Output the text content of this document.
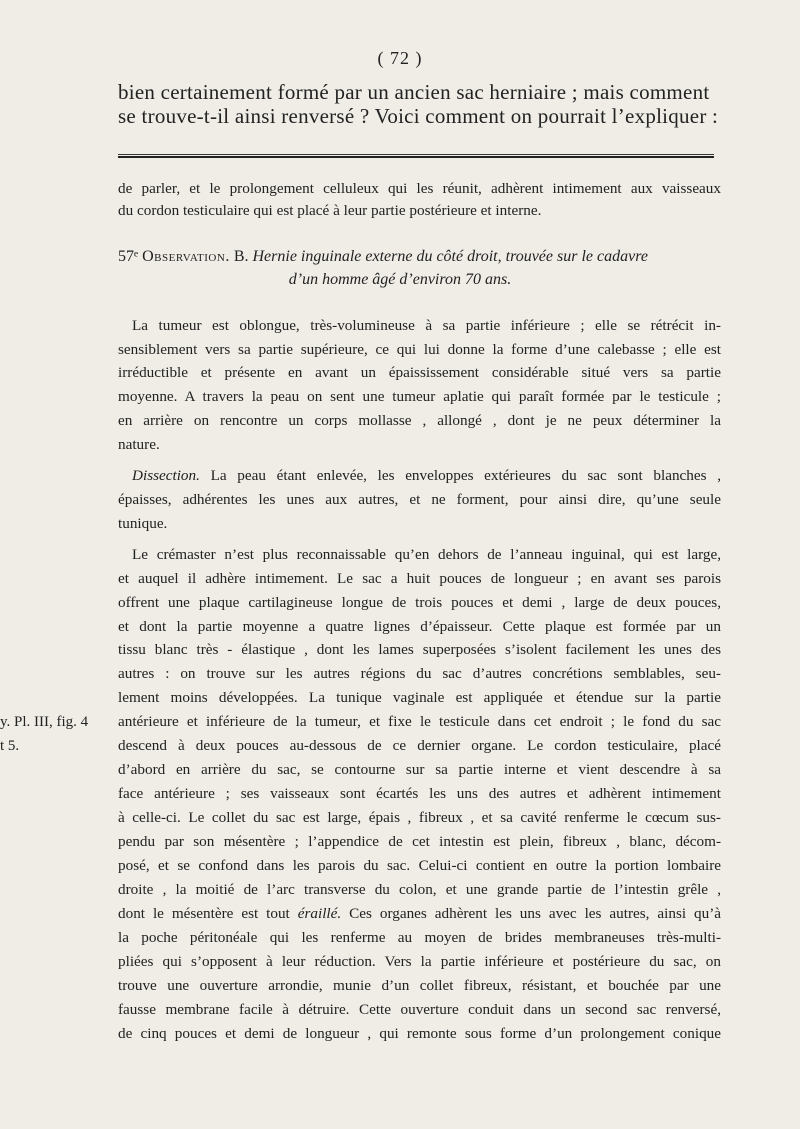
( 72 )
bien certainement formé par un ancien sac herniaire ; mais comment
se trouve-t-il ainsi renversé ? Voici comment on pourrait l’expliquer :
de parler, et le prolongement celluleux qui les réunit, adhèrent intimement aux vaisseaux
du cordon testiculaire qui est placé à leur partie postérieure et interne.
57ᵉ Observation. B. Hernie inguinale externe du côté droit, trouvée sur le cadavre
d’un homme âgé d’environ 70 ans.
La tumeur est oblongue, très-volumineuse à sa partie inférieure ; elle se rétrécit in-
sensiblement vers sa partie supérieure, ce qui lui donne la forme d’une calebasse ; elle est
irréductible et présente en avant un épaississement considérable situé vers sa partie
moyenne. A travers la peau on sent une tumeur aplatie qui paraît formée par le testicule ;
en arrière on rencontre un corps mollasse , allongé , dont je ne peux déterminer la
nature.
Dissection. La peau étant enlevée, les enveloppes extérieures du sac sont blanches ,
épaisses, adhérentes les unes aux autres, et ne forment, pour ainsi dire, qu’une seule
tunique.
Le crémaster n’est plus reconnaissable qu’en dehors de l’anneau inguinal, qui est large,
et auquel il adhère intimement. Le sac a huit pouces de longueur ; en avant ses parois
offrent une plaque cartilagineuse longue de trois pouces et demi , large de deux pouces,
et dont la partie moyenne a quatre lignes d’épaisseur. Cette plaque est formée par un
tissu blanc très - élastique , dont les lames superposées s’isolent facilement les unes des
autres : on trouve sur les autres régions du sac d’autres concrétions semblables, seu-
lement moins développées. La tunique vaginale est appliquée et étendue sur la partie
antérieure et inférieure de la tumeur, et fixe le testicule dans cet endroit ; le fond du sac
descend à deux pouces au-dessous de ce dernier organe. Le cordon testiculaire, placé
d’abord en arrière du sac, se contourne sur sa partie interne et vient descendre à sa
face antérieure ; ses vaisseaux sont écartés les uns des autres et adhèrent intimement
à celle-ci. Le collet du sac est large, épais , fibreux , et sa cavité renferme le cœcum sus-
pendu par son mésentère ; l’appendice de cet intestin est plein, fibreux , blanc, décom-
posé, et se confond dans les parois du sac. Celui-ci contient en outre la portion lombaire
droite , la moitié de l’arc transverse du colon, et une grande partie de l’intestin grêle ,
dont le mésentère est tout éraillé. Ces organes adhèrent les uns avec les autres, ainsi qu’à
la poche péritonéale qui les renferme au moyen de brides membraneuses très-multi-
pliées qui s’opposent à leur réduction. Vers la partie inférieure et postérieure du sac, on
trouve une ouverture arrondie, munie d’un collet fibreux, résistant, et bouchée par une
fausse membrane facile à détruire. Cette ouverture conduit dans un second sac renversé,
de cinq pouces et demi de longueur , qui remonte sous forme d’un prolongement conique
y. Pl. III, fig. 4
t 5.
